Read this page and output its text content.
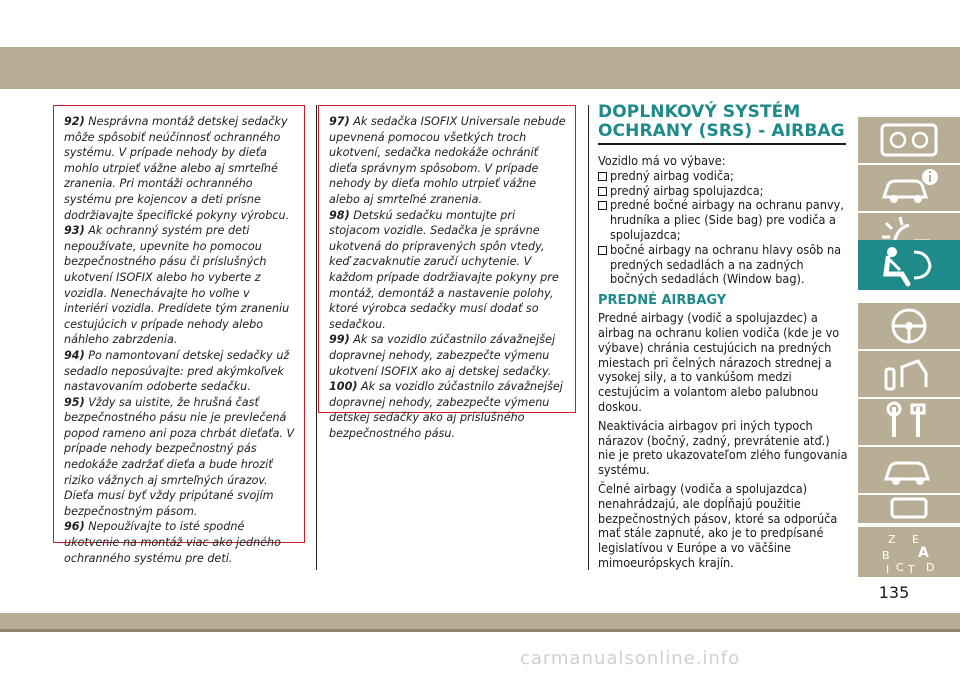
92) Nesprávna montáž detskej sedačky môže spôsobiť neúčinnosť ochranného systému. V prípade nehody by dieťa mohlo utrpieť vážne alebo aj smrteľné zranenia. Pri montáži ochranného systému pre kojencov a deti prísne dodržiavajte špecifické pokyny výrobcu.

93) Ak ochranný systém pre deti nepoužívate, upevnite ho pomocou bezpečnostného pásu či príslušných ukotvení ISOFIX alebo ho vyberte z vozidla. Nenechávajte ho voľne v interiéri vozidla. Predídete tým zraneniu cestujúcich v prípade nehody alebo náhleho zabrzdenia.

94) Po namontovaní detskej sedačky už sedadlo neposúvajte: pred akýmkoľvek nastavovaním odoberte sedačku.

95) Vždy sa uistite, že hrušná časť bezpečnostného pásu nie je prevlečená popod rameno ani poza chrbát dieťaťa. V prípade nehody bezpečnostný pás nedokáže zadržať dieťa a bude hroziť riziko vážnych aj smrteľných úrazov. Dieťa musí byť vždy pripútané svojím bezpečnostným pásom.

96) Nepoužívajte to isté spodné ukotvenie na montáž viac ako jedného ochranného systému pre deti.

97) Ak sedačka ISOFIX Universale nebude upevnená pomocou všetkých troch ukotvení, sedačka nedokáže ochrániť dieťa správnym spôsobom. V prípade nehody by dieťa mohlo utrpieť vážne alebo aj smrteľné zranenia.

98) Detskú sedačku montujte pri stojacom vozidle. Sedačka je správne ukotvená do pripravených spôn vtedy, keď zacvaknutie zaručí uchytenie. V každom prípade dodržiavajte pokyny pre montáž, demontáž a nastavenie polohy, ktoré výrobca sedačky musí dodať so sedačkou.

99) Ak sa vozidlo zúčastnilo závažnejšej dopravnej nehody, zabezpečte výmenu ukotvení ISOFIX ako aj detskej sedačky.

100) Ak sa vozidlo zúčastnilo závažnejšej dopravnej nehody, zabezpečte výmenu detskej sedačky ako aj príslušného bezpečnostného pásu.

DOPLNKOVÝ SYSTÉM
OCHRANY (SRS) - AIRBAG
Vozidlo má vo výbave:
predný airbag vodiča;
predný airbag spolujazdca;
predné bočné airbagy na ochranu panvy, hrudníka a pliec (Side bag) pre vodiča a spolujazdca;
bočné airbagy na ochranu hlavy osôb na predných sedadlách a na zadných bočných sedadlách (Window bag).
PREDNÉ AIRBAGY

Predné airbagy (vodič a spolujazdec) a airbag na ochranu kolien vodiča (kde je vo výbave) chránia cestujúcich na predných miestach pri čelných nárazoch strednej a vysokej sily, a to vankúšom medzi cestujúcim a volantom alebo palubnou doskou.

Neaktivácia airbagov pri iných typoch nárazov (bočný, zadný, prevrátenie atď.) nie je preto ukazovateľom zlého fungovania systému.

Čelné airbagy (vodiča a spolujazdca) nenahrádzajú, ale dopĺňajú použitie bezpečnostných pásov, ktoré sa odporúča mať stále zapnuté, ako je to predpísané legislatívou v Európe a vo väčšine mimoeurópskych krajín.

Z E
A
B
C D
I T
135
carmanualsonline.info
